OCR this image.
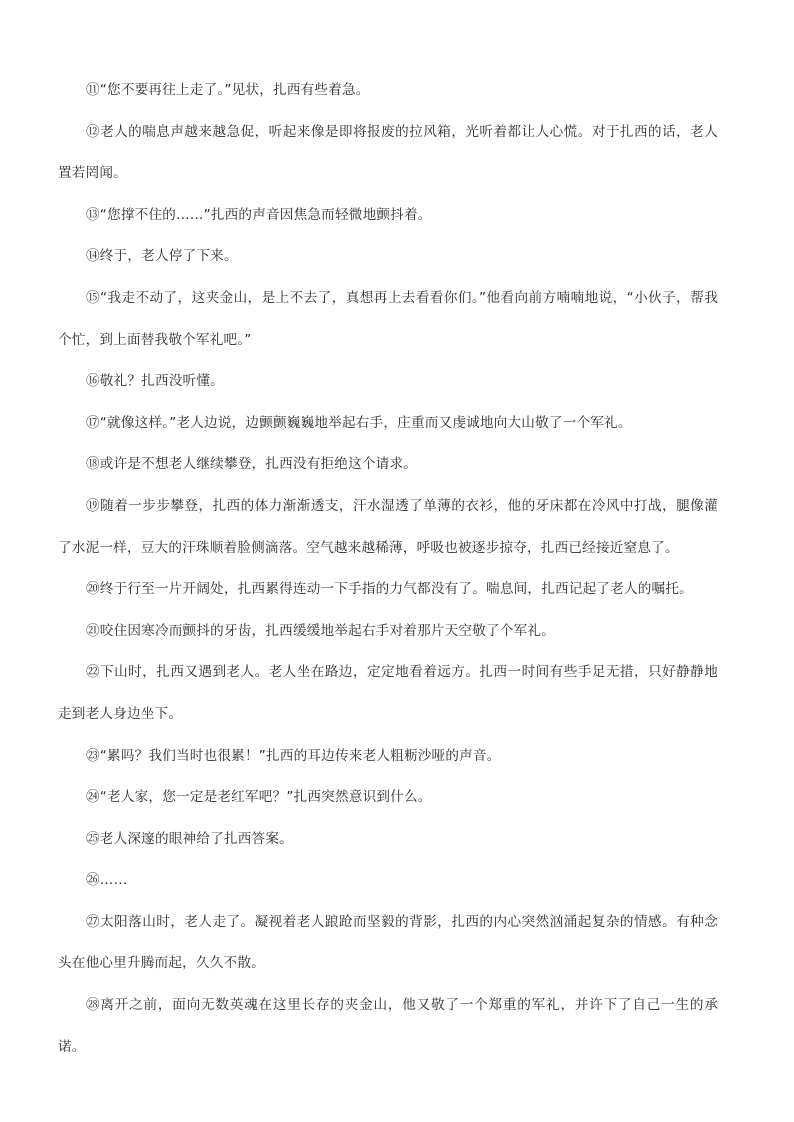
⑪“您不要再往上走了。”见状，扎西有些着急。

⑫老人的喘息声越来越急促，听起来像是即将报废的拉风箱，光听着都让人心慌。对于扎西的话，老人置若罔闻。

⑬“您撑不住的……”扎西的声音因焦急而轻微地颤抖着。

⑭终于，老人停了下来。

⑮“我走不动了，这夹金山，是上不去了，真想再上去看看你们。”他看向前方喃喃地说，“小伙子，帮我个忙，到上面替我敬个军礼吧。”

⑯敬礼？扎西没听懂。

⑰“就像这样。”老人边说，边颤颤巍巍地举起右手，庄重而又虔诚地向大山敬了一个军礼。

⑱或许是不想老人继续攀登，扎西没有拒绝这个请求。

⑲随着一步步攀登，扎西的体力渐渐透支，汗水湿透了单薄的衣衫，他的牙床都在冷风中打战，腿像灌了水泥一样，豆大的汗珠顺着脸侧滴落。空气越来越稀薄，呼吸也被逐步掠夺，扎西已经接近窒息了。

⑳终于行至一片开阔处，扎西累得连动一下手指的力气都没有了。喘息间，扎西记起了老人的嘱托。

㉑咬住因寒冷而颤抖的牙齿，扎西缓缓地举起右手对着那片天空敬了个军礼。

㉒下山时，扎西又遇到老人。老人坐在路边，定定地看着远方。扎西一时间有些手足无措，只好静静地走到老人身边坐下。

㉓“累吗？我们当时也很累！”扎西的耳边传来老人粗粝沙哑的声音。

㉔“老人家，您一定是老红军吧？”扎西突然意识到什么。

㉕老人深邃的眼神给了扎西答案。

㉖……

㉗太阳落山时，老人走了。凝视着老人踉跄而坚毅的背影，扎西的内心突然汹涌起复杂的情感。有种念头在他心里升腾而起，久久不散。

㉘离开之前，面向无数英魂在这里长存的夹金山，他又敬了一个郑重的军礼，并许下了自己一生的承诺。
